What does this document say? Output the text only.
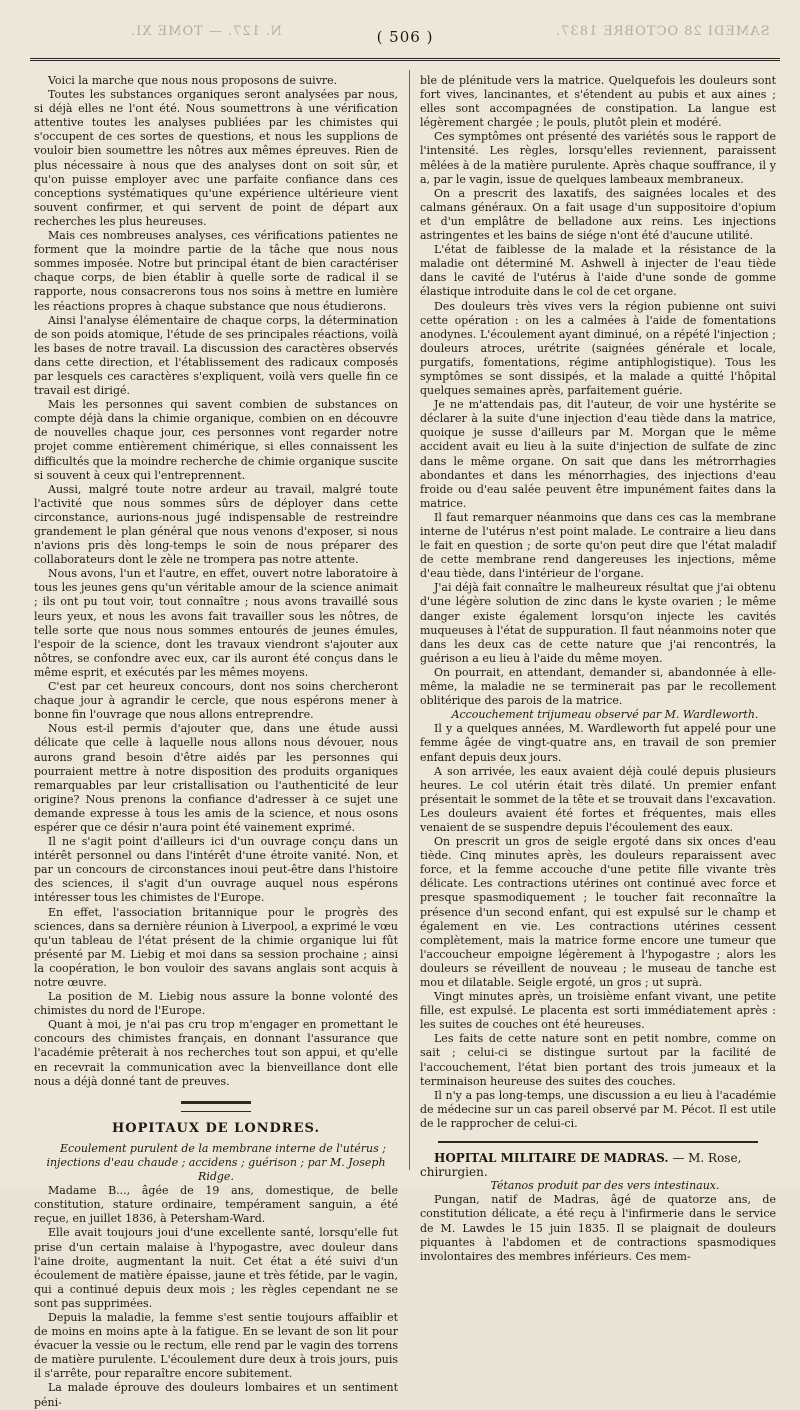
N. 127. — TOME XI.	SAMEDI 28 OCTOBRE 1837.
( 506 )

Voici la marche que nous nous proposons de suivre.

Toutes les substances organiques seront analysées par nous, si déjà elles ne l'ont été. Nous soumettrons à une vérification attentive toutes les analyses publiées par les chimistes qui s'occupent de ces sortes de questions, et nous les supplions de vouloir bien soumettre les nôtres aux mêmes épreuves. Rien de plus nécessaire à nous que des analyses dont on soit sûr, et qu'on puisse employer avec une parfaite confiance dans ces conceptions systématiques qu'une expérience ultérieure vient souvent confirmer, et qui servent de point de départ aux recherches les plus heureuses.

Mais ces nombreuses analyses, ces vérifications patientes ne forment que la moindre partie de la tâche que nous nous sommes imposée. Notre but principal étant de bien caractériser chaque corps, de bien établir à quelle sorte de radical il se rapporte, nous consacrerons tous nos soins à mettre en lumière les réactions propres à chaque substance que nous étudierons.

Ainsi l'analyse élémentaire de chaque corps, la détermination de son poids atomique, l'étude de ses principales réactions, voilà les bases de notre travail. La discussion des caractères observés dans cette direction, et l'établissement des radicaux composés par lesquels ces caractères s'expliquent, voilà vers quelle fin ce travail est dirigé.

Mais les personnes qui savent combien de substances on compte déjà dans la chimie organique, combien on en découvre de nouvelles chaque jour, ces personnes vont regarder notre projet comme entièrement chimérique, si elles connaissent les difficultés que la moindre recherche de chimie organique suscite si souvent à ceux qui l'entreprennent.

Aussi, malgré toute notre ardeur au travail, malgré toute l'activité que nous sommes sûrs de déployer dans cette circonstance, aurions-nous jugé indispensable de restreindre grandement le plan général que nous venons d'exposer, si nous n'avions pris dès long-temps le soin de nous préparer des collaborateurs dont le zèle ne trompera pas notre attente.

Nous avons, l'un et l'autre, en effet, ouvert notre laboratoire à tous les jeunes gens qu'un véritable amour de la science animait ; ils ont pu tout voir, tout connaître ; nous avons travaillé sous leurs yeux, et nous les avons fait travailler sous les nôtres, de telle sorte que nous nous sommes entourés de jeunes émules, l'espoir de la science, dont les travaux viendront s'ajouter aux nôtres, se confondre avec eux, car ils auront été conçus dans le même esprit, et exécutés par les mêmes moyens.

C'est par cet heureux concours, dont nos soins chercheront chaque jour à agrandir le cercle, que nous espérons mener à bonne fin l'ouvrage que nous allons entreprendre.

Nous est-il permis d'ajouter que, dans une étude aussi délicate que celle à laquelle nous allons nous dévouer, nous aurons grand besoin d'être aidés par les personnes qui pourraient mettre à notre disposition des produits organiques remarquables par leur cristallisation ou l'authenticité de leur origine? Nous prenons la confiance d'adresser à ce sujet une demande expresse à tous les amis de la science, et nous osons espérer que ce désir n'aura point été vainement exprimé.

Il ne s'agit point d'ailleurs ici d'un ouvrage conçu dans un intérêt personnel ou dans l'intérêt d'une étroite vanité. Non, et par un concours de circonstances inoui peut-être dans l'histoire des sciences, il s'agit d'un ouvrage auquel nous espérons intéresser tous les chimistes de l'Europe.

En effet, l'association britannique pour le progrès des sciences, dans sa dernière réunion à Liverpool, a exprimé le vœu qu'un tableau de l'état présent de la chimie organique lui fût présenté par M. Liebig et moi dans sa session prochaine ; ainsi la coopération, le bon vouloir des savans anglais sont acquis à notre œuvre.

La position de M. Liebig nous assure la bonne volonté des chimistes du nord de l'Europe.

Quant à moi, je n'ai pas cru trop m'engager en promettant le concours des chimistes français, en donnant l'assurance que l'académie prêterait à nos recherches tout son appui, et qu'elle en recevrait la communication avec la bienveillance dont elle nous a déjà donné tant de preuves.

HOPITAUX DE LONDRES.

Ecoulement purulent de la membrane interne de l'utérus ; injections d'eau chaude ; accidens ; guérison ; par M. Joseph Ridge.

Madame B..., âgée de 19 ans, domestique, de belle constitution, stature ordinaire, tempérament sanguin, a été reçue, en juillet 1836, à Petersham-Ward.

Elle avait toujours joui d'une excellente santé, lorsqu'elle fut prise d'un certain malaise à l'hypogastre, avec douleur dans l'aine droite, augmentant la nuit. Cet état a été suivi d'un écoulement de matière épaisse, jaune et très fétide, par le vagin, qui a continué depuis deux mois ; les règles cependant ne se sont pas supprimées.

Depuis la maladie, la femme s'est sentie toujours affaiblir et de moins en moins apte à la fatigue. En se levant de son lit pour évacuer la vessie ou le rectum, elle rend par le vagin des torrens de matière purulente. L'écoulement dure deux à trois jours, puis il s'arrête, pour reparaître encore subitement.

La malade éprouve des douleurs lombaires et un sentiment péni-

ble de plénitude vers la matrice. Quelquefois les douleurs sont fort vives, lancinantes, et s'étendent au pubis et aux aines ; elles sont accompagnées de constipation. La langue est légèrement chargée ; le pouls, plutôt plein et modéré.

Ces symptômes ont présenté des variétés sous le rapport de l'intensité. Les règles, lorsqu'elles reviennent, paraissent mêlées à de la matière purulente. Après chaque souffrance, il y a, par le vagin, issue de quelques lambeaux membraneux.

On a prescrit des laxatifs, des saignées locales et des calmans généraux. On a fait usage d'un suppositoire d'opium et d'un emplâtre de belladone aux reins. Les injections astringentes et les bains de siége n'ont été d'aucune utilité.

L'état de faiblesse de la malade et la résistance de la maladie ont déterminé M. Ashwell à injecter de l'eau tiède dans le cavité de l'utérus à l'aide d'une sonde de gomme élastique introduite dans le col de cet organe.

Des douleurs très vives vers la région pubienne ont suivi cette opération : on les a calmées à l'aide de fomentations anodynes. L'écoulement ayant diminué, on a répété l'injection ; douleurs atroces, urétrite (saignées générale et locale, purgatifs, fomentations, régime antiphlogistique). Tous les symptômes se sont dissipés, et la malade a quitté l'hôpital quelques semaines après, parfaitement guérie.

Je ne m'attendais pas, dit l'auteur, de voir une hystérite se déclarer à la suite d'une injection d'eau tiède dans la matrice, quoique je susse d'ailleurs par M. Morgan que le même accident avait eu lieu à la suite d'injection de sulfate de zinc dans le même organe. On sait que dans les métrorrhagies abondantes et dans les ménorrhagies, des injections d'eau froide ou d'eau salée peuvent être impunément faites dans la matrice.

Il faut remarquer néanmoins que dans ces cas la membrane interne de l'utérus n'est point malade. Le contraire a lieu dans le fait en question ; de sorte qu'on peut dire que l'état maladif de cette membrane rend dangereuses les injections, même d'eau tiède, dans l'intérieur de l'organe.

J'ai déjà fait connaître le malheureux résultat que j'ai obtenu d'une légère solution de zinc dans le kyste ovarien ; le même danger existe également lorsqu'on injecte les cavités muqueuses à l'état de suppuration. Il faut néanmoins noter que dans les deux cas de cette nature que j'ai rencontrés, la guérison a eu lieu à l'aide du même moyen.

On pourrait, en attendant, demander si, abandonnée à elle-même, la maladie ne se terminerait pas par le recollement oblitérique des parois de la matrice.

Accouchement trijumeau observé par M. Wardleworth.

Il y a quelques années, M. Wardleworth fut appelé pour une femme âgée de vingt-quatre ans, en travail de son premier enfant depuis deux jours.

A son arrivée, les eaux avaient déjà coulé depuis plusieurs heures. Le col utérin était très dilaté. Un premier enfant présentait le sommet de la tête et se trouvait dans l'excavation. Les douleurs avaient été fortes et fréquentes, mais elles venaient de se suspendre depuis l'écoulement des eaux.

On prescrit un gros de seigle ergoté dans six onces d'eau tiède. Cinq minutes après, les douleurs reparaissent avec force, et la femme accouche d'une petite fille vivante très délicate. Les contractions utérines ont continué avec force et presque spasmodiquement ; le toucher fait reconnaître la présence d'un second enfant, qui est expulsé sur le champ et également en vie. Les contractions utérines cessent complètement, mais la matrice forme encore une tumeur que l'accoucheur empoigne légèrement à l'hypogastre ; alors les douleurs se réveillent de nouveau ; le museau de tanche est mou et dilatable. Seigle ergoté, un gros ; ut suprà.

Vingt minutes après, un troisième enfant vivant, une petite fille, est expulsé. Le placenta est sorti immédiatement après : les suites de couches ont été heureuses.

Les faits de cette nature sont en petit nombre, comme on sait ; celui-ci se distingue surtout par la facilité de l'accouchement, l'état bien portant des trois jumeaux et la terminaison heureuse des suites des couches.

Il n'y a pas long-temps, une discussion a eu lieu à l'académie de médecine sur un cas pareil observé par M. Pécot. Il est utile de le rapprocher de celui-ci.

HOPITAL MILITAIRE DE MADRAS. — M. Rose, chirurgien.

Tétanos produit par des vers intestinaux.

Pungan, natif de Madras, âgé de quatorze ans, de constitution délicate, a été reçu à l'infirmerie dans le service de M. Lawdes le 15 juin 1835. Il se plaignait de douleurs piquantes à l'abdomen et de contractions spasmodiques involontaires des membres inférieurs. Ces mem-
